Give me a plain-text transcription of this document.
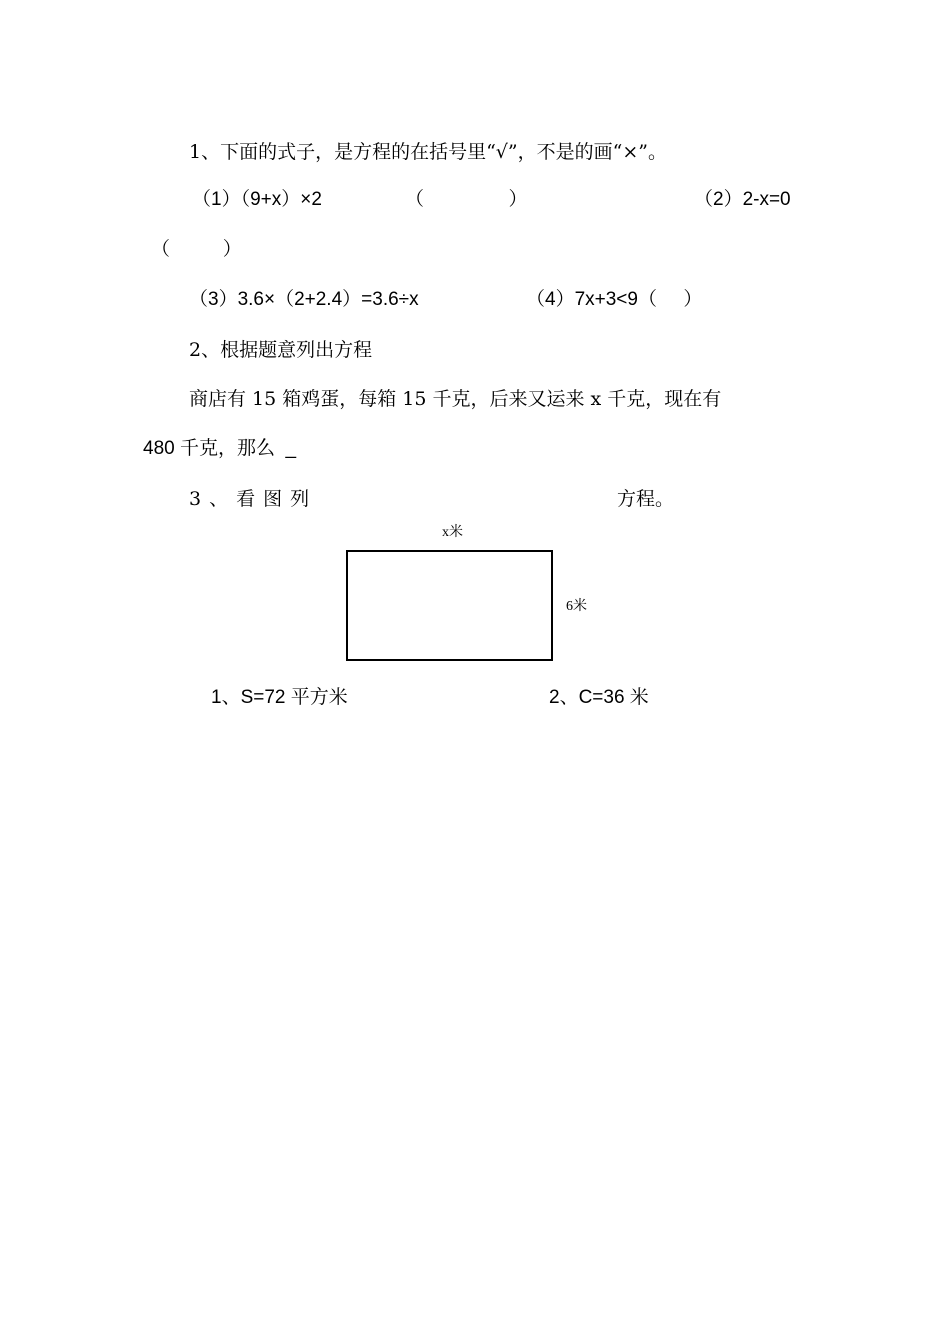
1、下面的式子，是方程的在括号里“√”，不是的画“×”。
（1）（9+x）×2	（                ）	（2）2-x=0
（          ）
（3）3.6×（2+2.4）=3.6÷x	（4）7x+3<9（     ）
2、根据题意列出方程
商店有 15 箱鸡蛋，每箱 15 千克，后来又运来 x 千克，现在有
480 千克，那么  _
3、看图列	方程。
x米
6米
1、S=72 平方米	2、C=36 米
